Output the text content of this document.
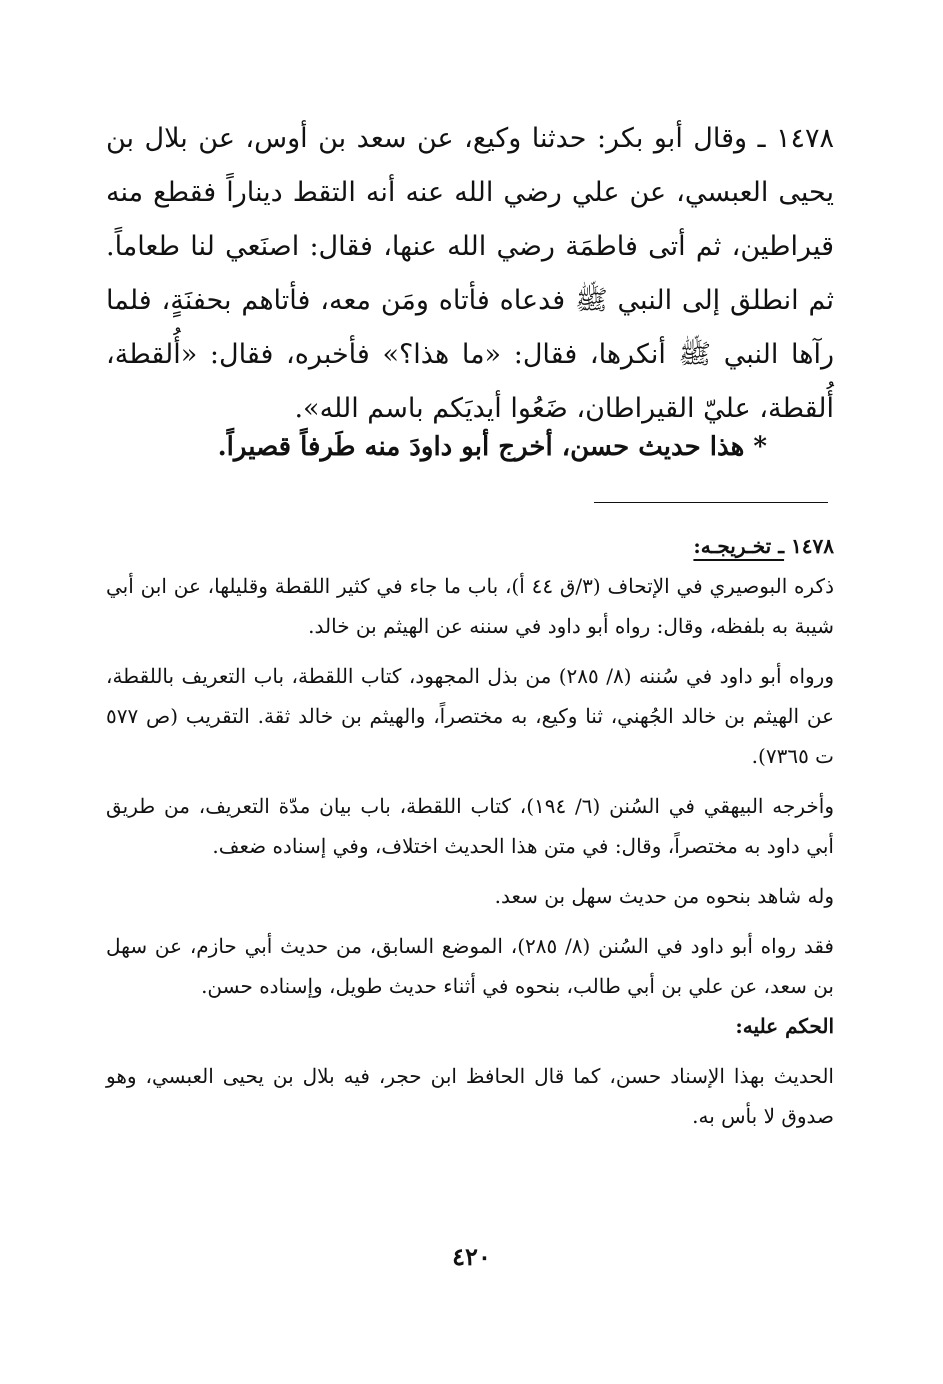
١٤٧٨ ـ وقال أبو بكر: حدثنا وكيع، عن سعد بن أوس، عن بلال بن يحيى العبسي، عن علي رضي الله عنه أنه التقط ديناراً فقطع منه قيراطين، ثم أتى فاطمَة رضي الله عنها، فقال: اصنَعي لنا طعاماً. ثم انطلق إلى النبي ﷺ فدعاه فأتاه ومَن معه، فأتاهم بحفنَةٍ، فلما رآها النبي ﷺ أنكرها، فقال: «ما هذا؟» فأخبره، فقال: «أُلقطة، أُلقطة، عليّ القيراطان، ضَعُوا أيديَكم باسم الله».

* هذا حديث حسن، أخرج أبو داودَ منه طَرفاً قصيراً.

١٤٧٨ ـ تخـريجـه:

ذكره البوصيري في الإتحاف (٣/ق ٤٤ أ)، باب ما جاء في كثير اللقطة وقليلها، عن ابن أبي شيبة به بلفظه، وقال: رواه أبو داود في سننه عن الهيثم بن خالد.

ورواه أبو داود في سُننه (٨/ ٢٨٥) من بذل المجهود، كتاب اللقطة، باب التعريف باللقطة، عن الهيثم بن خالد الجُهني، ثنا وكيع، به مختصراً، والهيثم بن خالد ثقة. التقريب (ص ٥٧٧ ت ٧٣٦٥).

وأخرجه البيهقي في السُنن (٦/ ١٩٤)، كتاب اللقطة، باب بيان مدّة التعريف، من طريق أبي داود به مختصراً، وقال: في متن هذا الحديث اختلاف، وفي إسناده ضعف.

وله شاهد بنحوه من حديث سهل بن سعد.

فقد رواه أبو داود في السُنن (٨/ ٢٨٥)، الموضع السابق، من حديث أبي حازم، عن سهل بن سعد، عن علي بن أبي طالب، بنحوه في أثناء حديث طويل، وإسناده حسن.

الحكم عليه:

الحديث بهذا الإسناد حسن، كما قال الحافظ ابن حجر، فيه بلال بن يحيى العبسي، وهو صدوق لا بأس به.

٤٢٠
